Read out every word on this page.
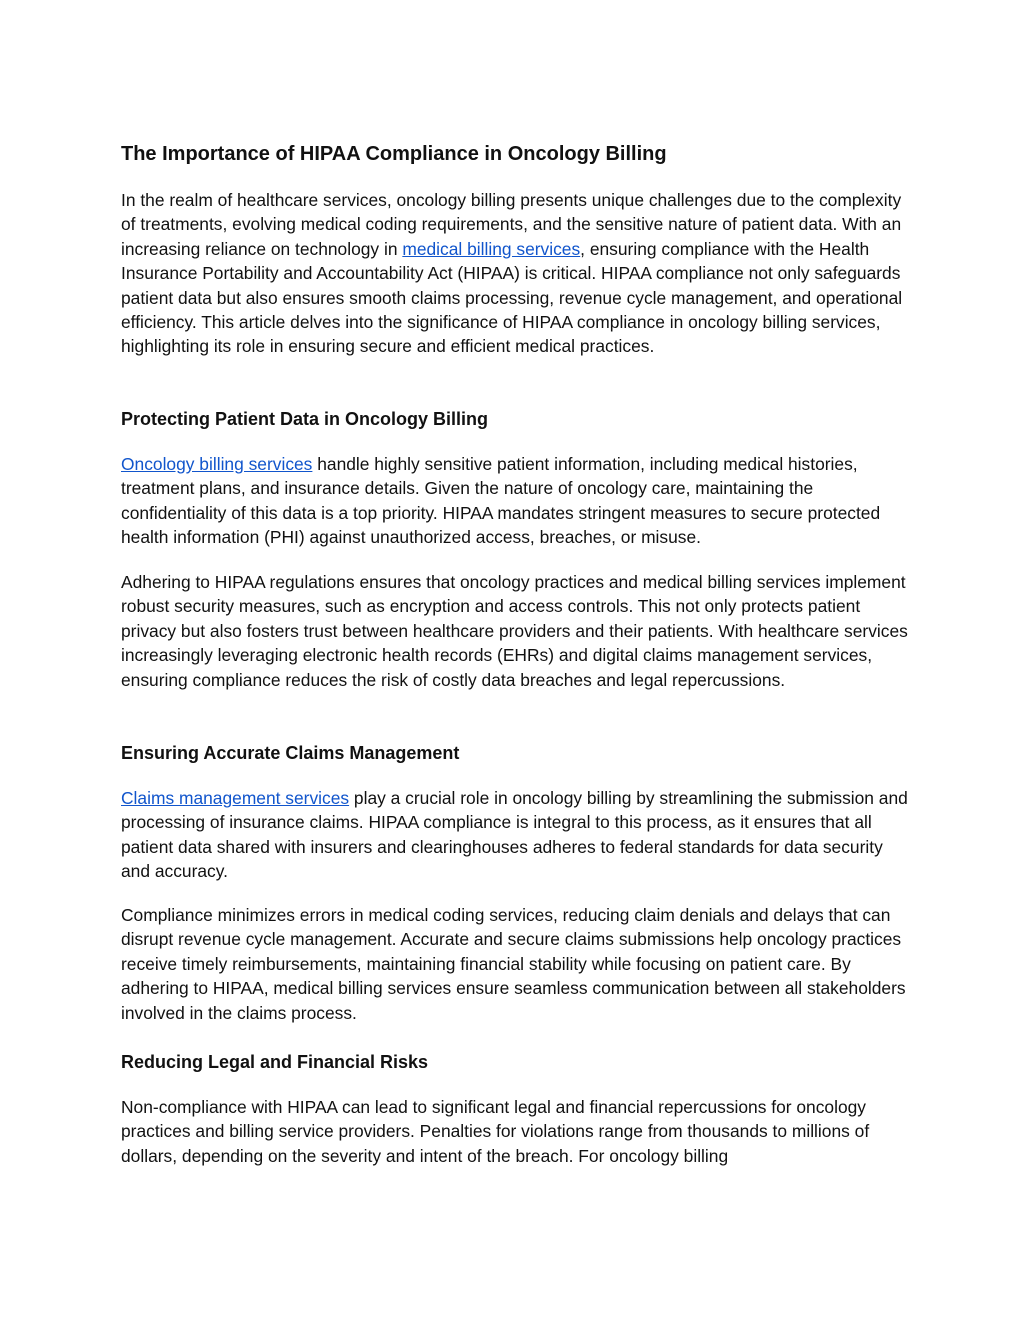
The Importance of HIPAA Compliance in Oncology Billing

In the realm of healthcare services, oncology billing presents unique challenges due to the complexity of treatments, evolving medical coding requirements, and the sensitive nature of patient data. With an increasing reliance on technology in medical billing services, ensuring compliance with the Health Insurance Portability and Accountability Act (HIPAA) is critical. HIPAA compliance not only safeguards patient data but also ensures smooth claims processing, revenue cycle management, and operational efficiency. This article delves into the significance of HIPAA compliance in oncology billing services, highlighting its role in ensuring secure and efficient medical practices.

Protecting Patient Data in Oncology Billing

Oncology billing services handle highly sensitive patient information, including medical histories, treatment plans, and insurance details. Given the nature of oncology care, maintaining the confidentiality of this data is a top priority. HIPAA mandates stringent measures to secure protected health information (PHI) against unauthorized access, breaches, or misuse.

Adhering to HIPAA regulations ensures that oncology practices and medical billing services implement robust security measures, such as encryption and access controls. This not only protects patient privacy but also fosters trust between healthcare providers and their patients. With healthcare services increasingly leveraging electronic health records (EHRs) and digital claims management services, ensuring compliance reduces the risk of costly data breaches and legal repercussions.

Ensuring Accurate Claims Management

Claims management services play a crucial role in oncology billing by streamlining the submission and processing of insurance claims. HIPAA compliance is integral to this process, as it ensures that all patient data shared with insurers and clearinghouses adheres to federal standards for data security and accuracy.

Compliance minimizes errors in medical coding services, reducing claim denials and delays that can disrupt revenue cycle management. Accurate and secure claims submissions help oncology practices receive timely reimbursements, maintaining financial stability while focusing on patient care. By adhering to HIPAA, medical billing services ensure seamless communication between all stakeholders involved in the claims process.

Reducing Legal and Financial Risks

Non-compliance with HIPAA can lead to significant legal and financial repercussions for oncology practices and billing service providers. Penalties for violations range from thousands to millions of dollars, depending on the severity and intent of the breach. For oncology billing
